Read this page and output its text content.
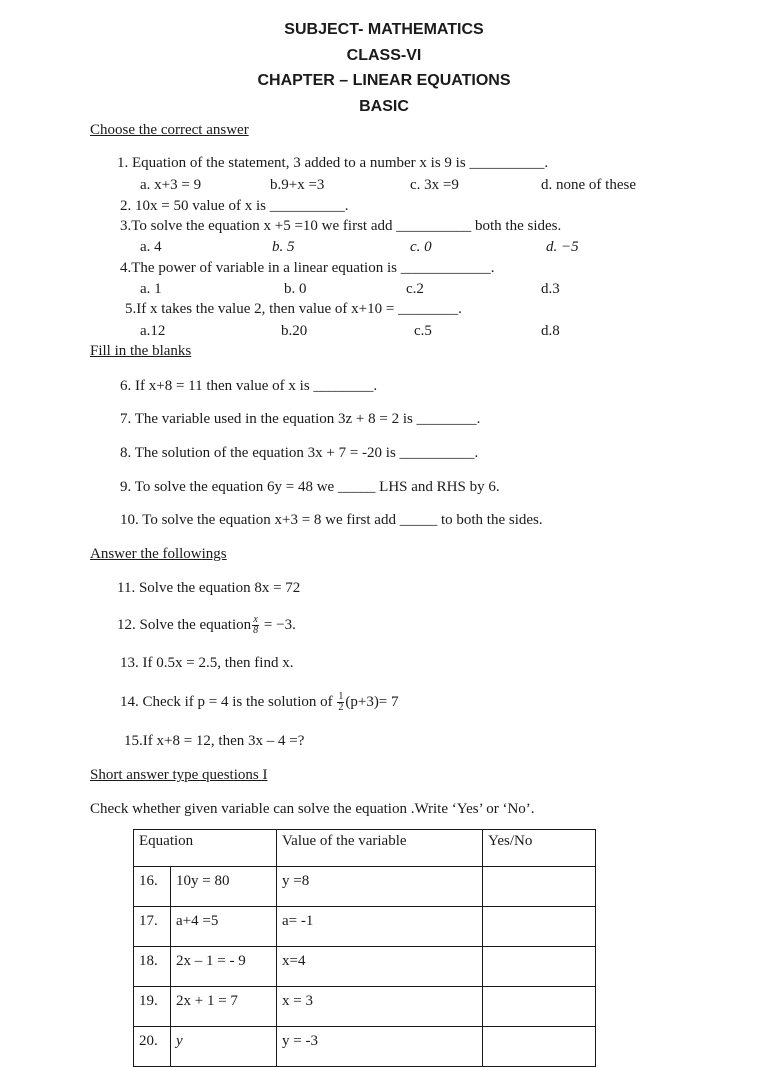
SUBJECT- MATHEMATICS
CLASS-VI
CHAPTER – LINEAR EQUATIONS
BASIC
Choose the correct answer
1. Equation of the statement, 3 added to a number x is 9 is __________.
a. x+3 = 9	b.9+x =3	c. 3x =9	d. none of these
2. 10x = 50 value of x is __________.
3.To solve the equation x +5 =10 we first add __________ both the sides.
a. 4	b. 5	c. 0	d. −5
4.The power of variable in a linear equation is ____________.
a. 1	b. 0	c.2	d.3
5.If x takes the value 2, then value of x+10 = ________.
a.12	b.20	c.5	d.8
Fill in the blanks
6. If x+8 = 11 then value of x is ________.
7. The variable used in the equation 3z + 8 = 2 is ________.
8. The solution of the equation 3x + 7 = -20 is __________.
9. To solve the equation 6y = 48 we _____ LHS and RHS by 6.
10. To solve the equation x+3 = 8 we first add _____ to both the sides.
Answer the followings
11. Solve the equation 8x = 72
12. Solve the equation $\frac{x}{8} = -3$.
13. If 0.5x = 2.5, then find x.
14. Check if p = 4 is the solution of $\frac{1}{2} (p+3)= 7$
15.If x+8 = 12, then 3x – 4 =?
Short answer type questions I
Check whether given variable can solve the equation .Write ‘Yes’ or ‘No’.
Equation		Value of the variable	Yes/No
16.	10y = 80	y =8	
17.	a+4 =5	a= -1	
18.	2x – 1 = - 9	x=4	
19.	2x + 1 = 7	x = 3	
20.	y	y = -3	
